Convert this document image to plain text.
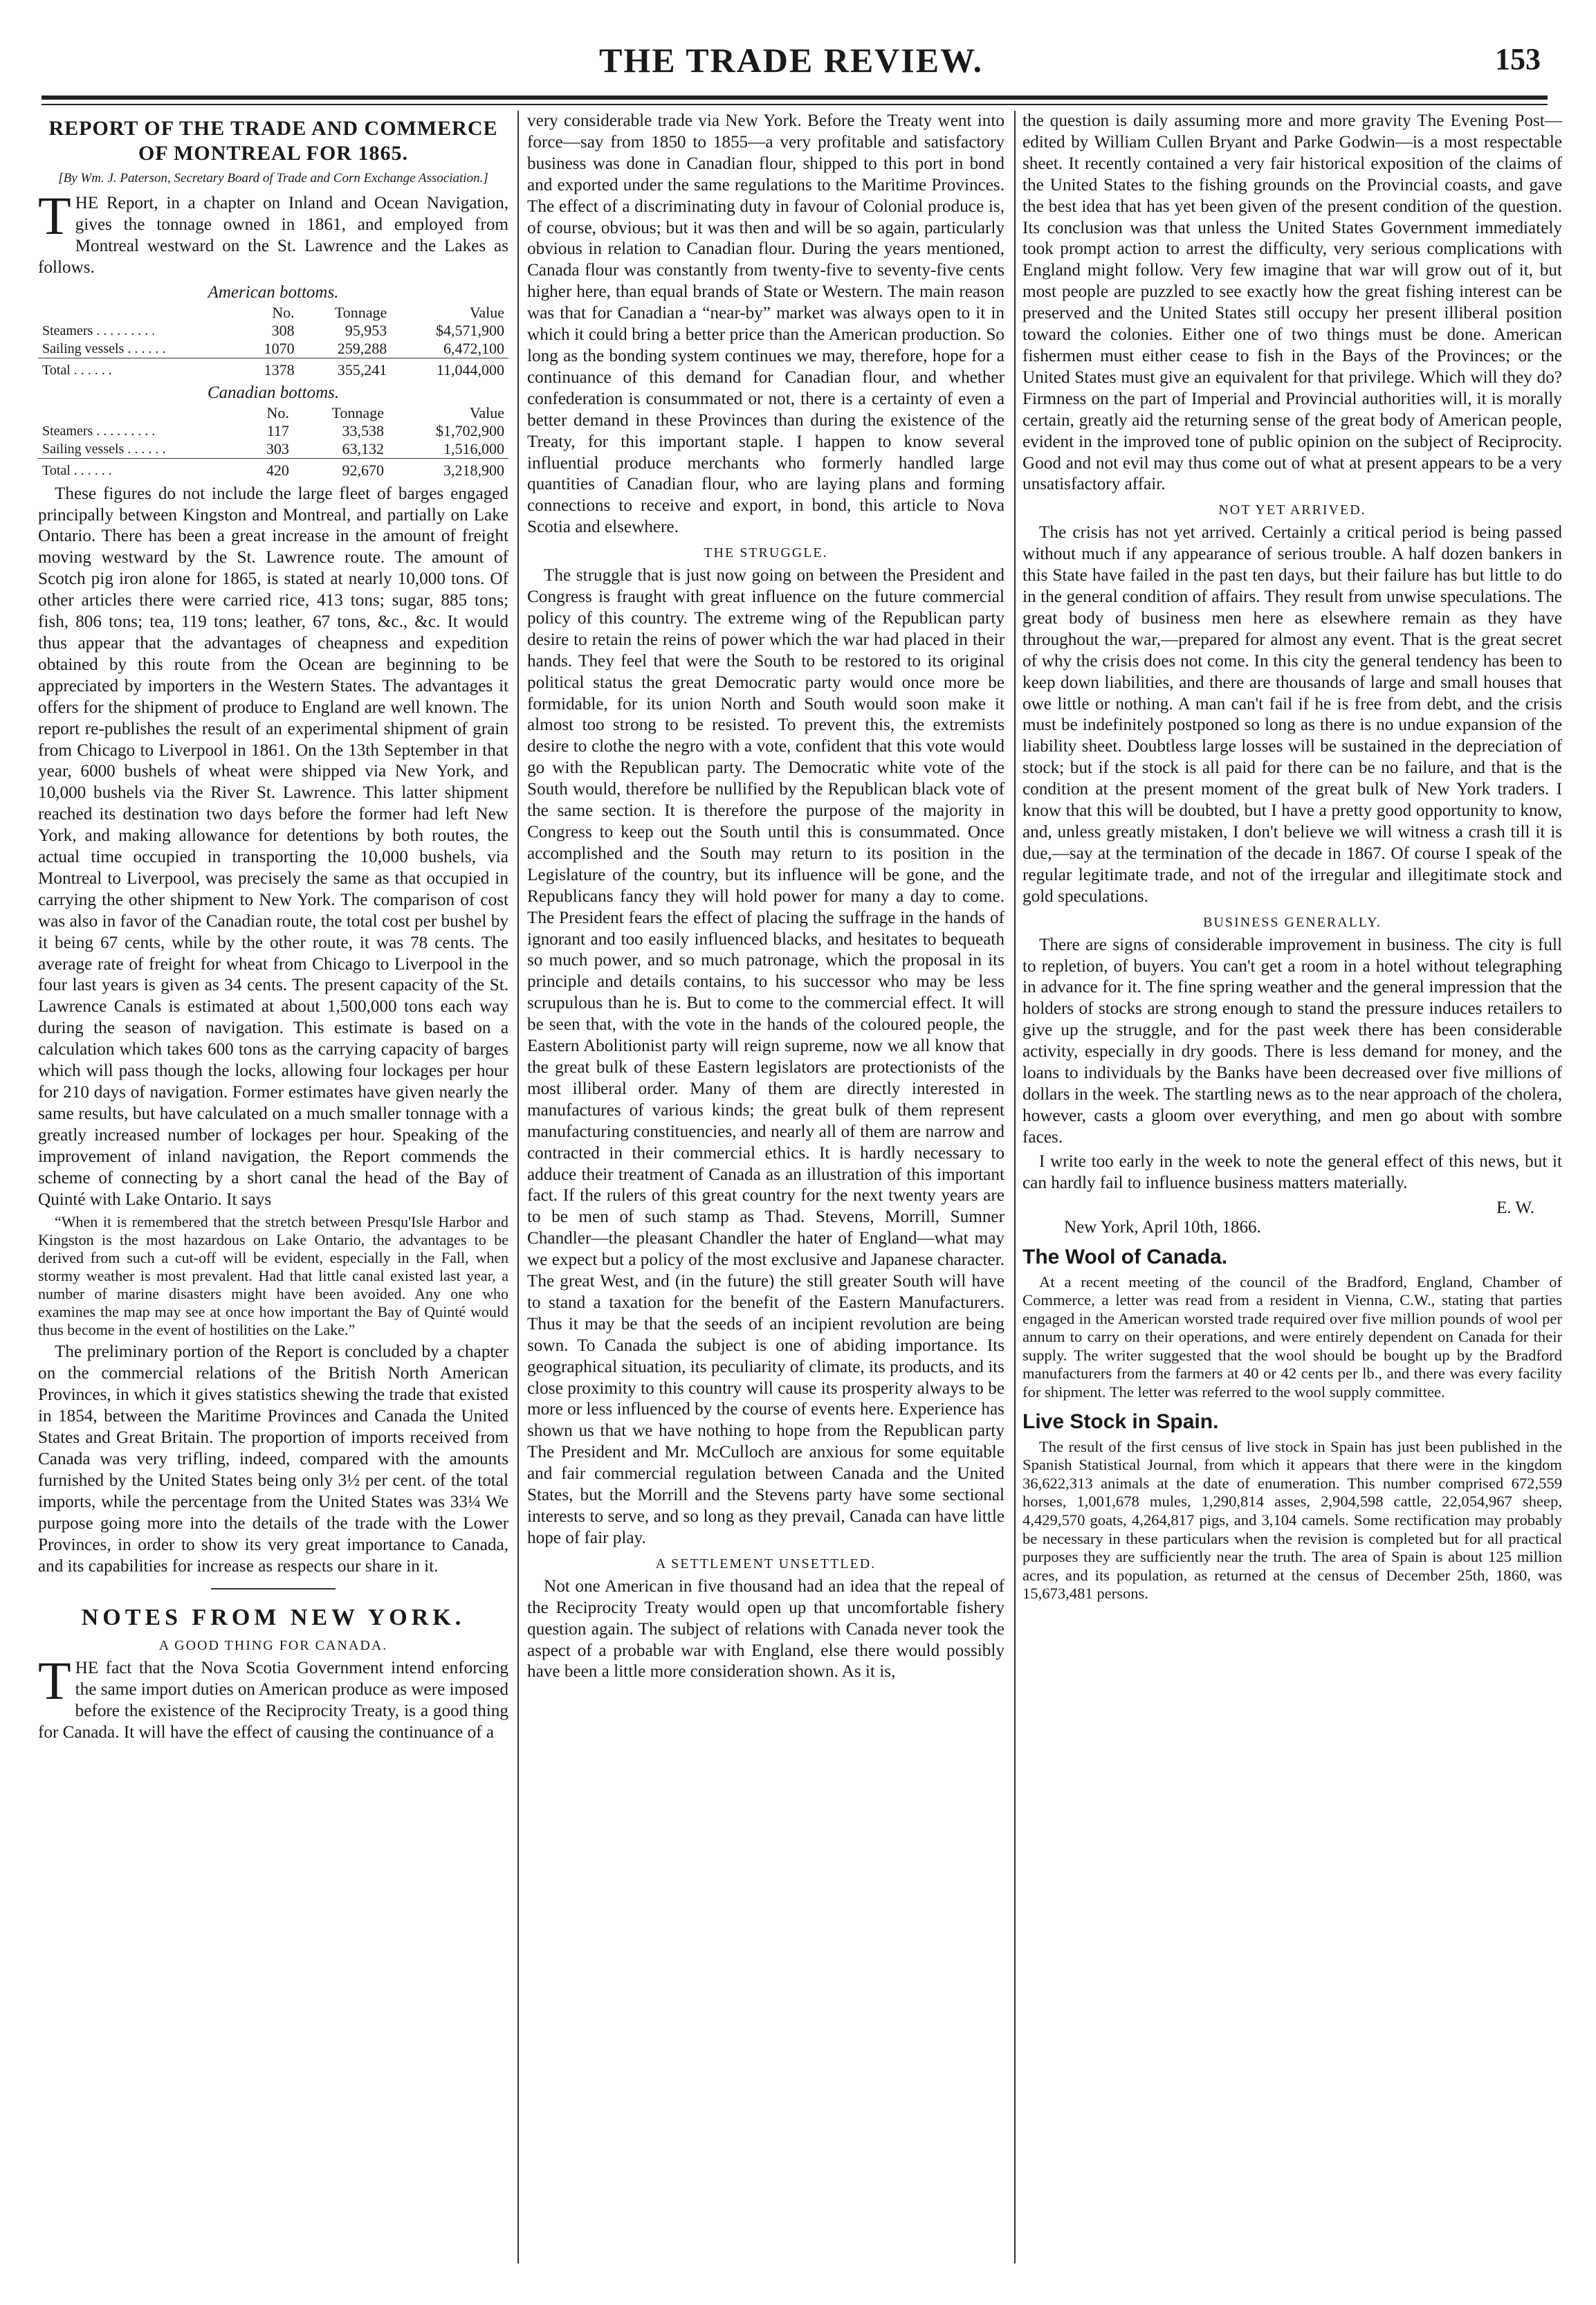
THE TRADE REVIEW.	153
REPORT OF THE TRADE AND COMMERCE OF MONTREAL FOR 1865.
[By Wm. J. Paterson, Secretary Board of Trade and Corn Exchange Association.]

THE Report, in a chapter on Inland and Ocean Navigation, gives the tonnage owned in 1861, and employed from Montreal westward on the St. Lawrence and the Lakes as follows.

American bottoms.
	No.	Tonnage	Value
Steamers . . . . . . . . .	308	95,953	$4,571,900
Sailing vessels . . . . . .	1070	259,288	6,472,100
Total . . . . . .	1378	355,241	11,044,000
Canadian bottoms.
	No.	Tonnage	Value
Steamers . . . . . . . . .	117	33,538	$1,702,900
Sailing vessels . . . . . .	303	63,132	1,516,000
Total . . . . . .	420	92,670	3,218,900

These figures do not include the large fleet of barges engaged principally between Kingston and Montreal, and partially on Lake Ontario. There has been a great increase in the amount of freight moving westward by the St. Lawrence route. The amount of Scotch pig iron alone for 1865, is stated at nearly 10,000 tons. Of other articles there were carried rice, 413 tons; sugar, 885 tons; fish, 806 tons; tea, 119 tons; leather, 67 tons, &c., &c. It would thus appear that the advantages of cheapness and expedition obtained by this route from the Ocean are beginning to be appreciated by importers in the Western States. The advantages it offers for the shipment of produce to England are well known. The report re-publishes the result of an experimental shipment of grain from Chicago to Liverpool in 1861. On the 13th September in that year, 6000 bushels of wheat were shipped via New York, and 10,000 bushels via the River St. Lawrence. This latter shipment reached its destination two days before the former had left New York, and making allowance for detentions by both routes, the actual time occupied in transporting the 10,000 bushels, via Montreal to Liverpool, was precisely the same as that occupied in carrying the other shipment to New York. The comparison of cost was also in favor of the Canadian route, the total cost per bushel by it being 67 cents, while by the other route, it was 78 cents. The average rate of freight for wheat from Chicago to Liverpool in the four last years is given as 34 cents. The present capacity of the St. Lawrence Canals is estimated at about 1,500,000 tons each way during the season of navigation. This estimate is based on a calculation which takes 600 tons as the carrying capacity of barges which will pass though the locks, allowing four lockages per hour for 210 days of navigation. Former estimates have given nearly the same results, but have calculated on a much smaller tonnage with a greatly increased number of lockages per hour. Speaking of the improvement of inland navigation, the Report commends the scheme of connecting by a short canal the head of the Bay of Quinté with Lake Ontario. It says

“When it is remembered that the stretch between Presqu'Isle Harbor and Kingston is the most hazardous on Lake Ontario, the advantages to be derived from such a cut-off will be evident, especially in the Fall, when stormy weather is most prevalent. Had that little canal existed last year, a number of marine disasters might have been avoided. Any one who examines the map may see at once how important the Bay of Quinté would thus become in the event of hostilities on the Lake.”

The preliminary portion of the Report is concluded by a chapter on the commercial relations of the British North American Provinces, in which it gives statistics shewing the trade that existed in 1854, between the Maritime Provinces and Canada the United States and Great Britain. The proportion of imports received from Canada was very trifling, indeed, compared with the amounts furnished by the United States being only 3½ per cent. of the total imports, while the percentage from the United States was 33¼ We purpose going more into the details of the trade with the Lower Provinces, in order to show its very great importance to Canada, and its capabilities for increase as respects our share in it.

NOTES FROM NEW YORK.
A GOOD THING FOR CANADA.

THE fact that the Nova Scotia Government intend enforcing the same import duties on American produce as were imposed before the existence of the Reciprocity Treaty, is a good thing for Canada. It will have the effect of causing the continuance of a

very considerable trade via New York. Before the Treaty went into force—say from 1850 to 1855—a very profitable and satisfactory business was done in Canadian flour, shipped to this port in bond and exported under the same regulations to the Maritime Provinces. The effect of a discriminating duty in favour of Colonial produce is, of course, obvious; but it was then and will be so again, particularly obvious in relation to Canadian flour. During the years mentioned, Canada flour was constantly from twenty-five to seventy-five cents higher here, than equal brands of State or Western. The main reason was that for Canadian a “near-by” market was always open to it in which it could bring a better price than the American production. So long as the bonding system continues we may, therefore, hope for a continuance of this demand for Canadian flour, and whether confederation is consummated or not, there is a certainty of even a better demand in these Provinces than during the existence of the Treaty, for this important staple. I happen to know several influential produce merchants who formerly handled large quantities of Canadian flour, who are laying plans and forming connections to receive and export, in bond, this article to Nova Scotia and elsewhere.

THE STRUGGLE.

The struggle that is just now going on between the President and Congress is fraught with great influence on the future commercial policy of this country. The extreme wing of the Republican party desire to retain the reins of power which the war had placed in their hands. They feel that were the South to be restored to its original political status the great Democratic party would once more be formidable, for its union North and South would soon make it almost too strong to be resisted. To prevent this, the extremists desire to clothe the negro with a vote, confident that this vote would go with the Republican party. The Democratic white vote of the South would, therefore be nullified by the Republican black vote of the same section. It is therefore the purpose of the majority in Congress to keep out the South until this is consummated. Once accomplished and the South may return to its position in the Legislature of the country, but its influence will be gone, and the Republicans fancy they will hold power for many a day to come. The President fears the effect of placing the suffrage in the hands of ignorant and too easily influenced blacks, and hesitates to bequeath so much power, and so much patronage, which the proposal in its principle and details contains, to his successor who may be less scrupulous than he is. But to come to the commercial effect. It will be seen that, with the vote in the hands of the coloured people, the Eastern Abolitionist party will reign supreme, now we all know that the great bulk of these Eastern legislators are protectionists of the most illiberal order. Many of them are directly interested in manufactures of various kinds; the great bulk of them represent manufacturing constituencies, and nearly all of them are narrow and contracted in their commercial ethics. It is hardly necessary to adduce their treatment of Canada as an illustration of this important fact. If the rulers of this great country for the next twenty years are to be men of such stamp as Thad. Stevens, Morrill, Sumner Chandler—the pleasant Chandler the hater of England—what may we expect but a policy of the most exclusive and Japanese character. The great West, and (in the future) the still greater South will have to stand a taxation for the benefit of the Eastern Manufacturers. Thus it may be that the seeds of an incipient revolution are being sown. To Canada the subject is one of abiding importance. Its geographical situation, its peculiarity of climate, its products, and its close proximity to this country will cause its prosperity always to be more or less influenced by the course of events here. Experience has shown us that we have nothing to hope from the Republican party The President and Mr. McCulloch are anxious for some equitable and fair commercial regulation between Canada and the United States, but the Morrill and the Stevens party have some sectional interests to serve, and so long as they prevail, Canada can have little hope of fair play.

A SETTLEMENT UNSETTLED.

Not one American in five thousand had an idea that the repeal of the Reciprocity Treaty would open up that uncomfortable fishery question again. The subject of relations with Canada never took the aspect of a probable war with England, else there would possibly have been a little more consideration shown. As it is,

the question is daily assuming more and more gravity The Evening Post—edited by William Cullen Bryant and Parke Godwin—is a most respectable sheet. It recently contained a very fair historical exposition of the claims of the United States to the fishing grounds on the Provincial coasts, and gave the best idea that has yet been given of the present condition of the question. Its conclusion was that unless the United States Government immediately took prompt action to arrest the difficulty, very serious complications with England might follow. Very few imagine that war will grow out of it, but most people are puzzled to see exactly how the great fishing interest can be preserved and the United States still occupy her present illiberal position toward the colonies. Either one of two things must be done. American fishermen must either cease to fish in the Bays of the Provinces; or the United States must give an equivalent for that privilege. Which will they do? Firmness on the part of Imperial and Provincial authorities will, it is morally certain, greatly aid the returning sense of the great body of American people, evident in the improved tone of public opinion on the subject of Reciprocity. Good and not evil may thus come out of what at present appears to be a very unsatisfactory affair.

NOT YET ARRIVED.

The crisis has not yet arrived. Certainly a critical period is being passed without much if any appearance of serious trouble. A half dozen bankers in this State have failed in the past ten days, but their failure has but little to do in the general condition of affairs. They result from unwise speculations. The great body of business men here as elsewhere remain as they have throughout the war,—prepared for almost any event. That is the great secret of why the crisis does not come. In this city the general tendency has been to keep down liabilities, and there are thousands of large and small houses that owe little or nothing. A man can't fail if he is free from debt, and the crisis must be indefinitely postponed so long as there is no undue expansion of the liability sheet. Doubtless large losses will be sustained in the depreciation of stock; but if the stock is all paid for there can be no failure, and that is the condition at the present moment of the great bulk of New York traders. I know that this will be doubted, but I have a pretty good opportunity to know, and, unless greatly mistaken, I don't believe we will witness a crash till it is due,—say at the termination of the decade in 1867. Of course I speak of the regular legitimate trade, and not of the irregular and illegitimate stock and gold speculations.

BUSINESS GENERALLY.

There are signs of considerable improvement in business. The city is full to repletion, of buyers. You can't get a room in a hotel without telegraphing in advance for it. The fine spring weather and the general impression that the holders of stocks are strong enough to stand the pressure induces retailers to give up the struggle, and for the past week there has been considerable activity, especially in dry goods. There is less demand for money, and the loans to individuals by the Banks have been decreased over five millions of dollars in the week. The startling news as to the near approach of the cholera, however, casts a gloom over everything, and men go about with sombre faces.

I write too early in the week to note the general effect of this news, but it can hardly fail to influence business matters materially.

E. W.
New York, April 10th, 1866.
The Wool of Canada.

At a recent meeting of the council of the Bradford, England, Chamber of Commerce, a letter was read from a resident in Vienna, C.W., stating that parties engaged in the American worsted trade required over five million pounds of wool per annum to carry on their operations, and were entirely dependent on Canada for their supply. The writer suggested that the wool should be bought up by the Bradford manufacturers from the farmers at 40 or 42 cents per lb., and there was every facility for shipment. The letter was referred to the wool supply committee.

Live Stock in Spain.

The result of the first census of live stock in Spain has just been published in the Spanish Statistical Journal, from which it appears that there were in the kingdom 36,622,313 animals at the date of enumeration. This number comprised 672,559 horses, 1,001,678 mules, 1,290,814 asses, 2,904,598 cattle, 22,054,967 sheep, 4,429,570 goats, 4,264,817 pigs, and 3,104 camels. Some rectification may probably be necessary in these particulars when the revision is completed but for all practical purposes they are sufficiently near the truth. The area of Spain is about 125 million acres, and its population, as returned at the census of December 25th, 1860, was 15,673,481 persons.
